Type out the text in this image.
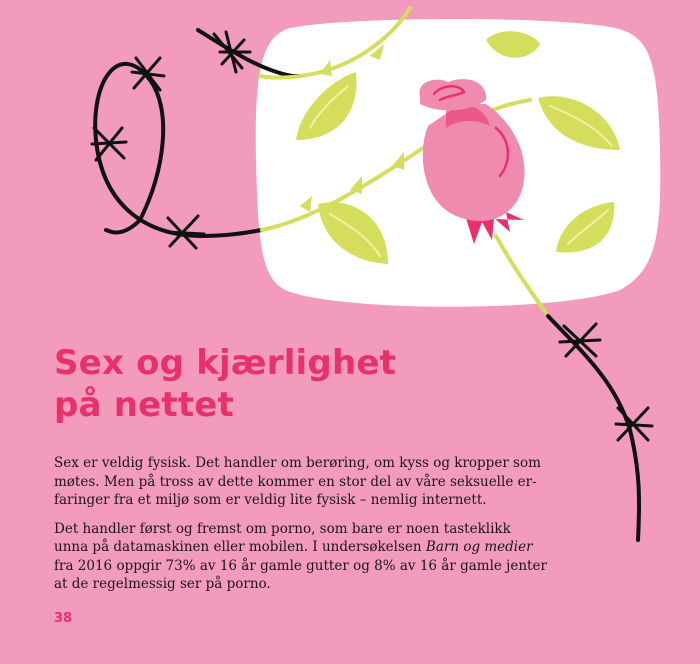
Sex og kjærlighet
på nettet

Sex er veldig fysisk. Det handler om berøring, om kyss og kropper som
møtes. Men på tross av dette kommer en stor del av våre seksuelle er-
faringer fra et miljø som er veldig lite fysisk – nemlig internett.

Det handler først og fremst om porno, som bare er noen tasteklikk
unna på datamaskinen eller mobilen. I undersøkelsen Barn og medier
fra 2016 oppgir 73% av 16 år gamle gutter og 8% av 16 år gamle jenter
at de regelmessig ser på porno.

38
